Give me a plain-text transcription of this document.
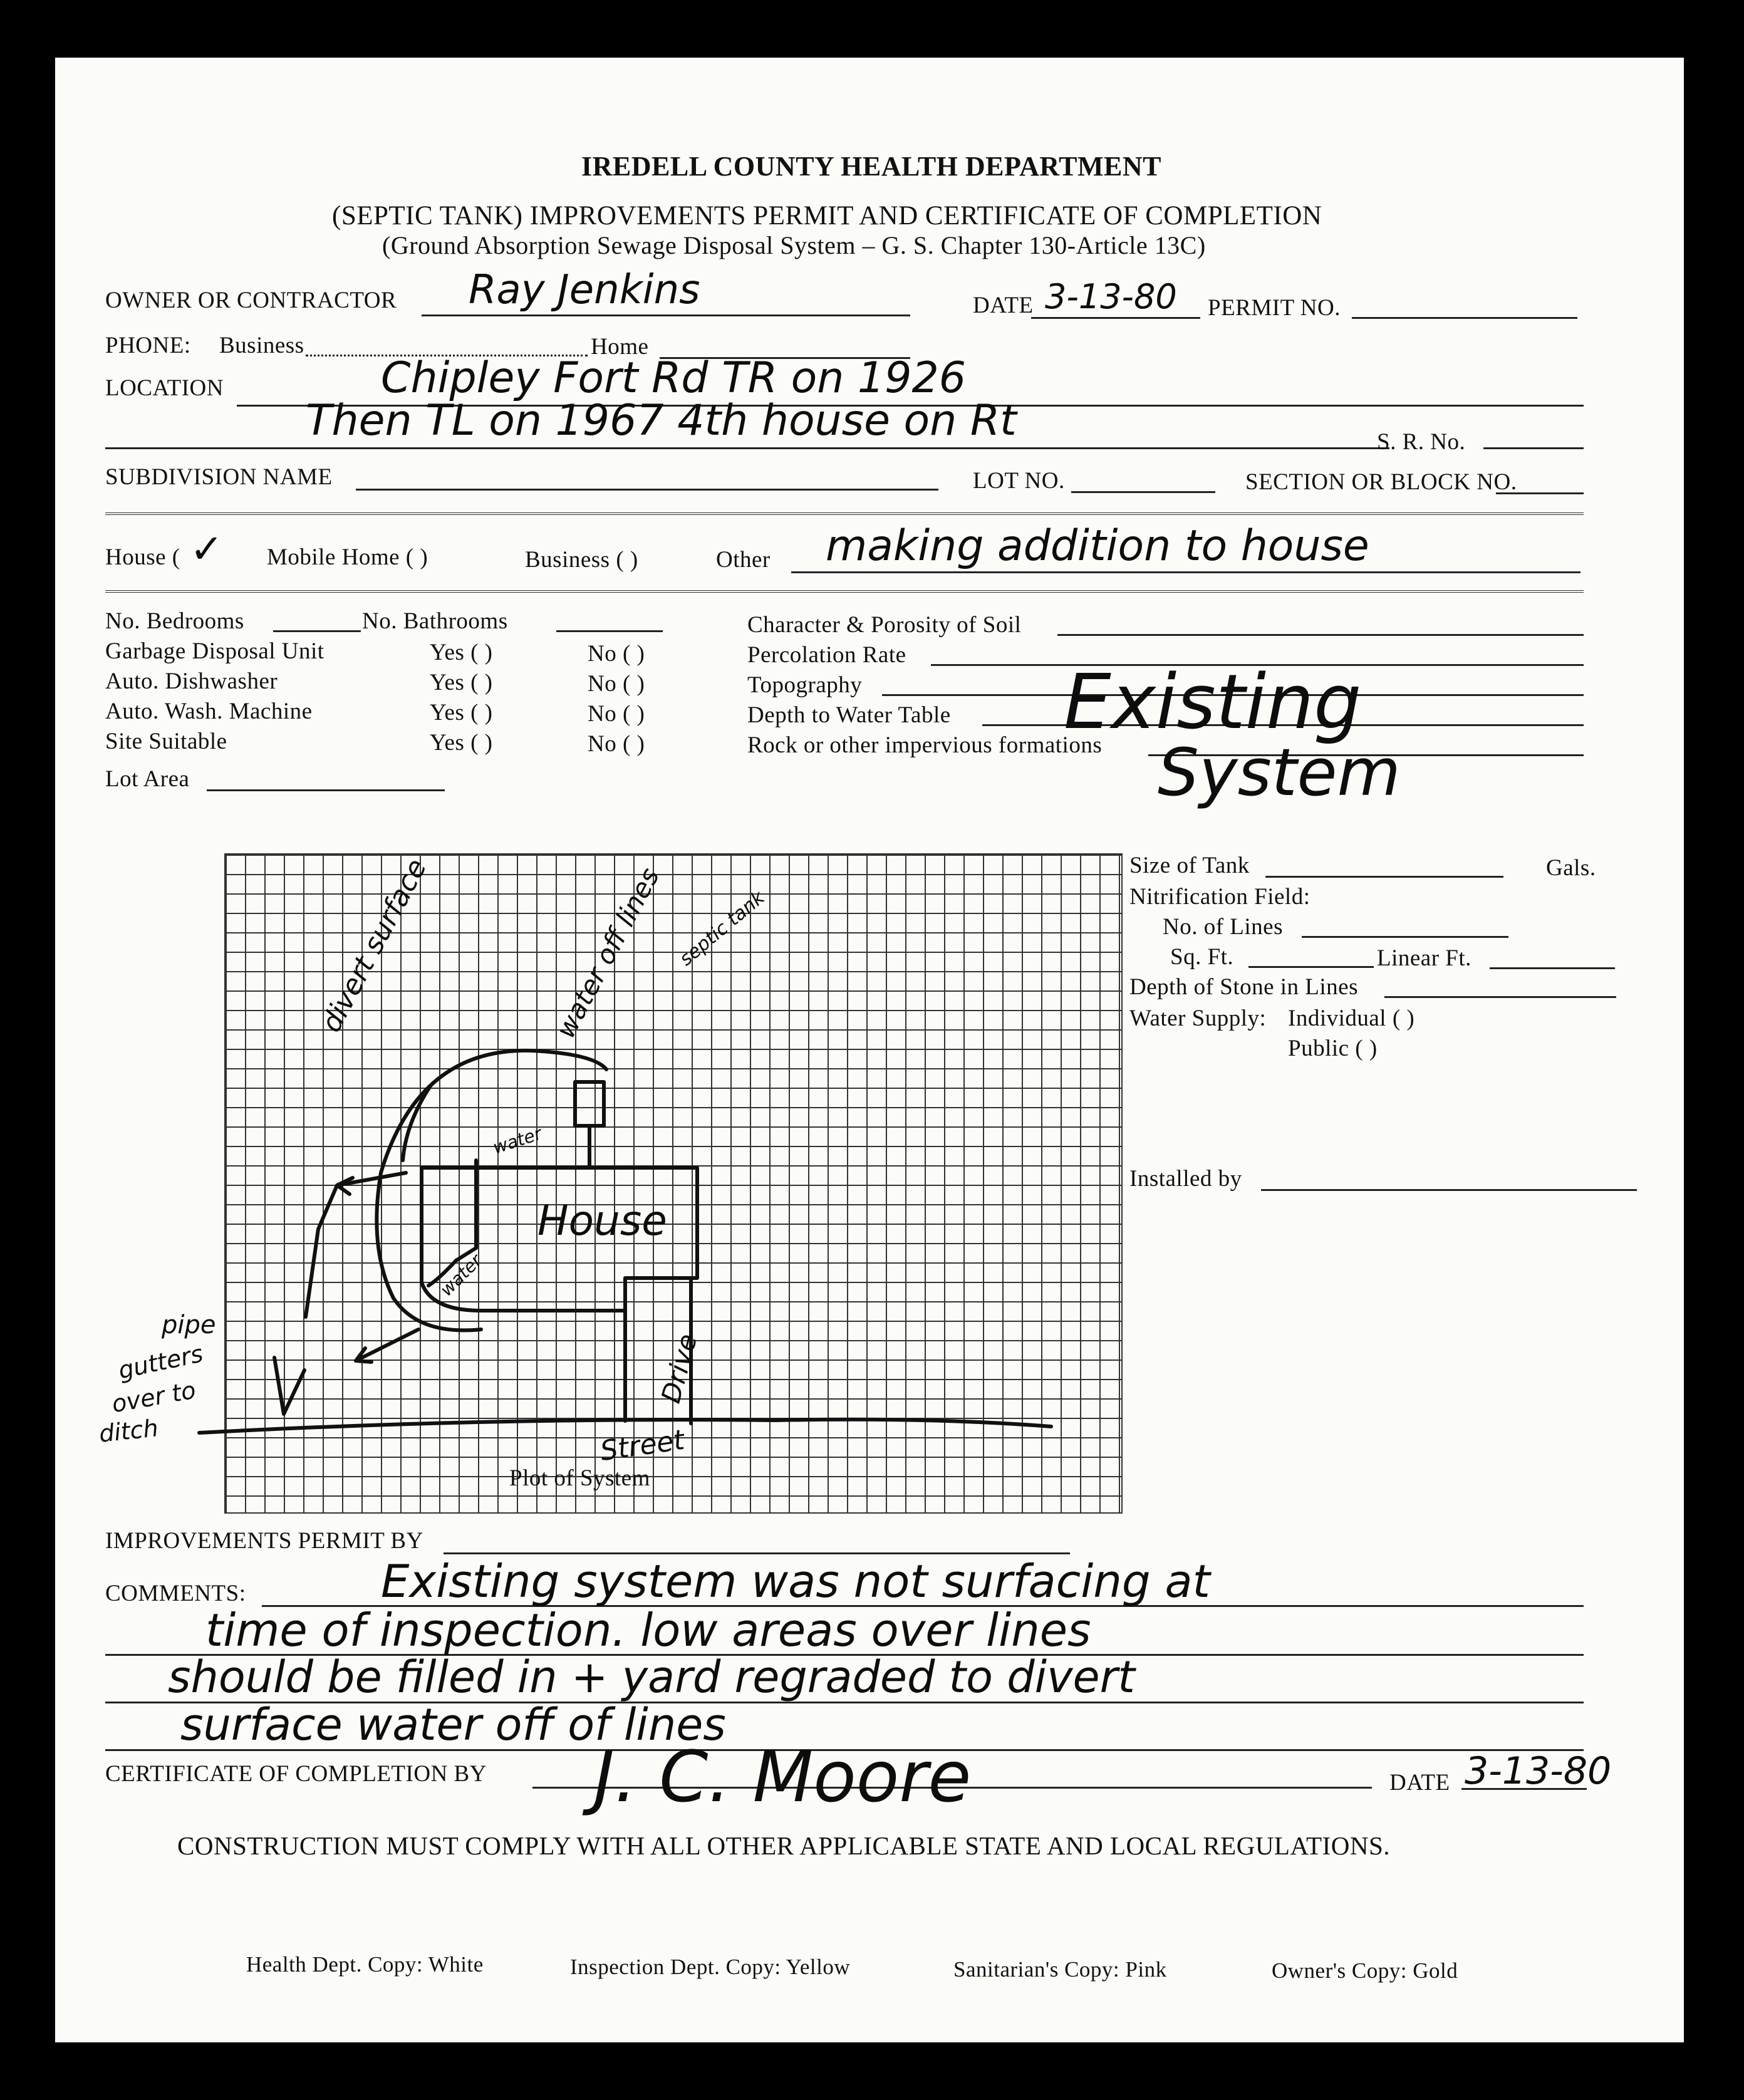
IREDELL COUNTY HEALTH DEPARTMENT
(SEPTIC TANK) IMPROVEMENTS PERMIT AND CERTIFICATE OF COMPLETION
(Ground Absorption Sewage Disposal System – G. S. Chapter 130-Article 13C)
OWNER OR CONTRACTOR Ray Jenkins	DATE 3-13-80 PERMIT NO.
PHONE: Business	Home
LOCATION	Chipley Fort Rd TR on 1926
Then TL on 1967 4th house on Rt	S. R. No.
SUBDIVISION NAME	LOT NO.	SECTION OR BLOCK NO.
House ( ✓ Mobile Home ( )	Business ( )	Other making addition to house
No. Bedrooms	No. Bathrooms
Garbage Disposal Unit	Yes ( )	No ( )
Auto. Dishwasher	Yes ( )	No ( )
Auto. Wash. Machine	Yes ( )	No ( )
Site Suitable	Yes ( )	No ( )
Lot Area
Character & Porosity of Soil
Percolation Rate
Topography
Depth to Water Table
Rock or other impervious formations
Existing
System
Size of Tank	Gals.
Nitrification Field:
No. of Lines
Sq. Ft.	Linear Ft.
Depth of Stone in Lines
Water Supply: Individual ( )
Public ( )
Installed by
divert surface	water off lines septic tank
water
water
House
Drive
Street
pipe
gutters
over to
ditch
Plot of System
IMPROVEMENTS PERMIT BY
COMMENTS:	Existing system was not surfacing at
time of inspection. low areas over lines
should be filled in + yard regraded to divert
surface water off of lines
CERTIFICATE OF COMPLETION BY J. C. Moore	DATE 3-13-80
CONSTRUCTION MUST COMPLY WITH ALL OTHER APPLICABLE STATE AND LOCAL REGULATIONS.
Health Dept. Copy: White	Inspection Dept. Copy: Yellow	Sanitarian's Copy: Pink	Owner's Copy: Gold
